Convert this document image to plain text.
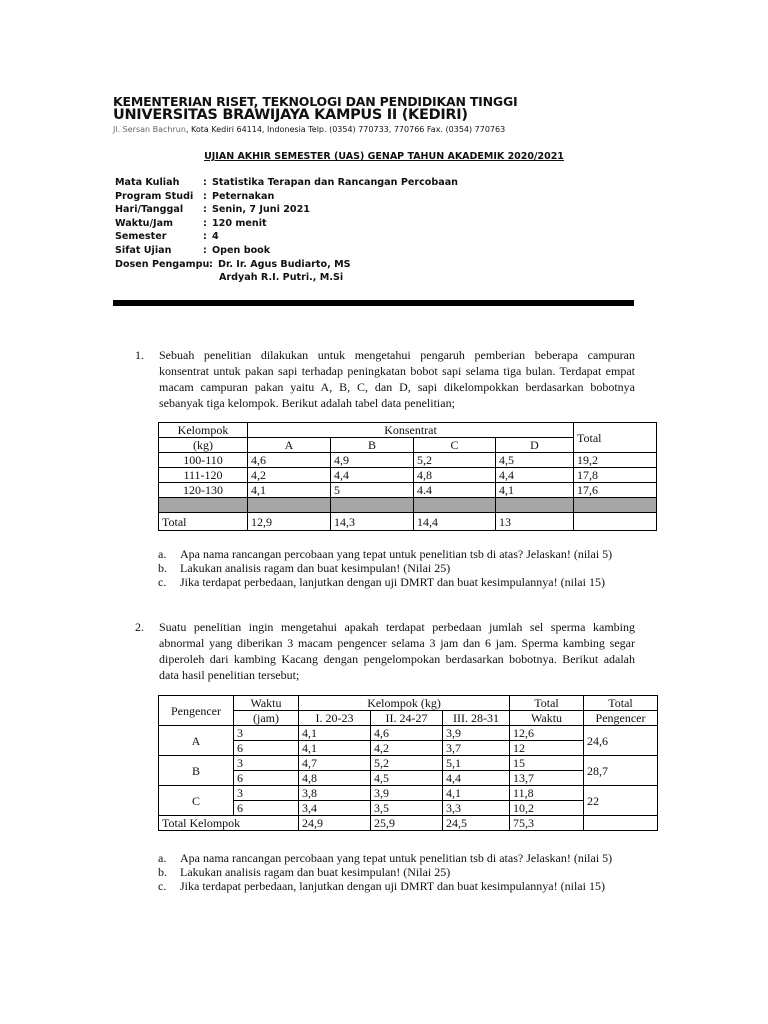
KEMENTERIAN RISET, TEKNOLOGI DAN PENDIDIKAN TINGGI
UNIVERSITAS BRAWIJAYA KAMPUS II (KEDIRI)
Jl. Sersan Bachrun, Kota Kediri 64114, Indonesia Telp. (0354) 770733, 770766 Fax. (0354) 770763
UJIAN AKHIR SEMESTER (UAS) GENAP TAHUN AKADEMIK 2020/2021
Mata Kuliah : Statistika Terapan dan Rancangan Percobaan
Program Studi : Peternakan
Hari/Tanggal : Senin, 7 Juni 2021
Waktu/Jam	: 120 menit
Semester	: 4
Sifat Ujian	: Open book
Dosen Pengampu : Dr. Ir. Agus Budiarto, MS
Ardyah R.I. Putri., M.Si
1. Sebuah penelitian dilakukan untuk mengetahui pengaruh pemberian beberapa campuran konsentrat untuk pakan sapi terhadap peningkatan bobot sapi selama tiga bulan. Terdapat empat macam campuran pakan yaitu A, B, C, dan D, sapi dikelompokkan berdasarkan bobotnya sebanyak tiga kelompok. Berikut adalah tabel data penelitian;
Kelompok	Konsentrat				Total
(kg)	A	B	C	D	
100-110	4,6	4,9	5,2	4,5	19,2
111-120	4,2	4,4	4,8	4,4	17,8
120-130	4,1	5	4.4	4,1	17,6

Total	12,9	14,3	14,4	13	
a. Apa nama rancangan percobaan yang tepat untuk penelitian tsb di atas? Jelaskan! (nilai 5)
b. Lakukan analisis ragam dan buat kesimpulan! (Nilai 25)
c. Jika terdapat perbedaan, lanjutkan dengan uji DMRT dan buat kesimpulannya! (nilai 15)
2. Suatu penelitian ingin mengetahui apakah terdapat perbedaan jumlah sel sperma kambing abnormal yang diberikan 3 macam pengencer selama 3 jam dan 6 jam. Sperma kambing segar diperoleh dari kambing Kacang dengan pengelompokan berdasarkan bobotnya. Berikut adalah data hasil penelitian tersebut;
Pengencer	Waktu	Kelompok (kg)			Total	Total
	(jam)	I. 20-23	II. 24-27	III. 28-31	Waktu	Pengencer
A	3	4,1	4,6	3,9	12,6	24,6
	6	4,1	4,2	3,7	12	
B	3	4,7	5,2	5,1	15	28,7
	6	4,8	4,5	4,4	13,7	
C	3	3,8	3,9	4,1	11,8	22
	6	3,4	3,5	3,3	10,2	
Total Kelompok		24,9	25,9	24,5	75,3	
a. Apa nama rancangan percobaan yang tepat untuk penelitian tsb di atas? Jelaskan! (nilai 5)
b. Lakukan analisis ragam dan buat kesimpulan! (Nilai 25)
c. Jika terdapat perbedaan, lanjutkan dengan uji DMRT dan buat kesimpulannya! (nilai 15)
